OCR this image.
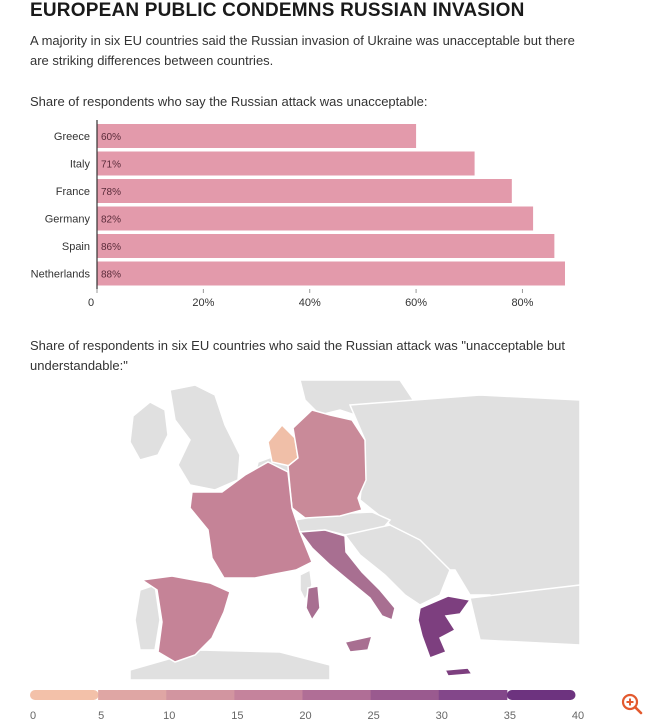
EUROPEAN PUBLIC CONDEMNS RUSSIAN INVASION
A majority in six EU countries said the Russian invasion of Ukraine was unacceptable but there are striking differences between countries.
Share of respondents who say the Russian attack was unacceptable:
Greece 60%
Italy 71%
France 78%
Germany 82%
Spain 86%
Netherlands 88%
0	20%	40%	60%	80%
Share of respondents in six EU countries who said the Russian attack was "unacceptable but understandable:"
0	5	10	15	20	25	30	35	40
